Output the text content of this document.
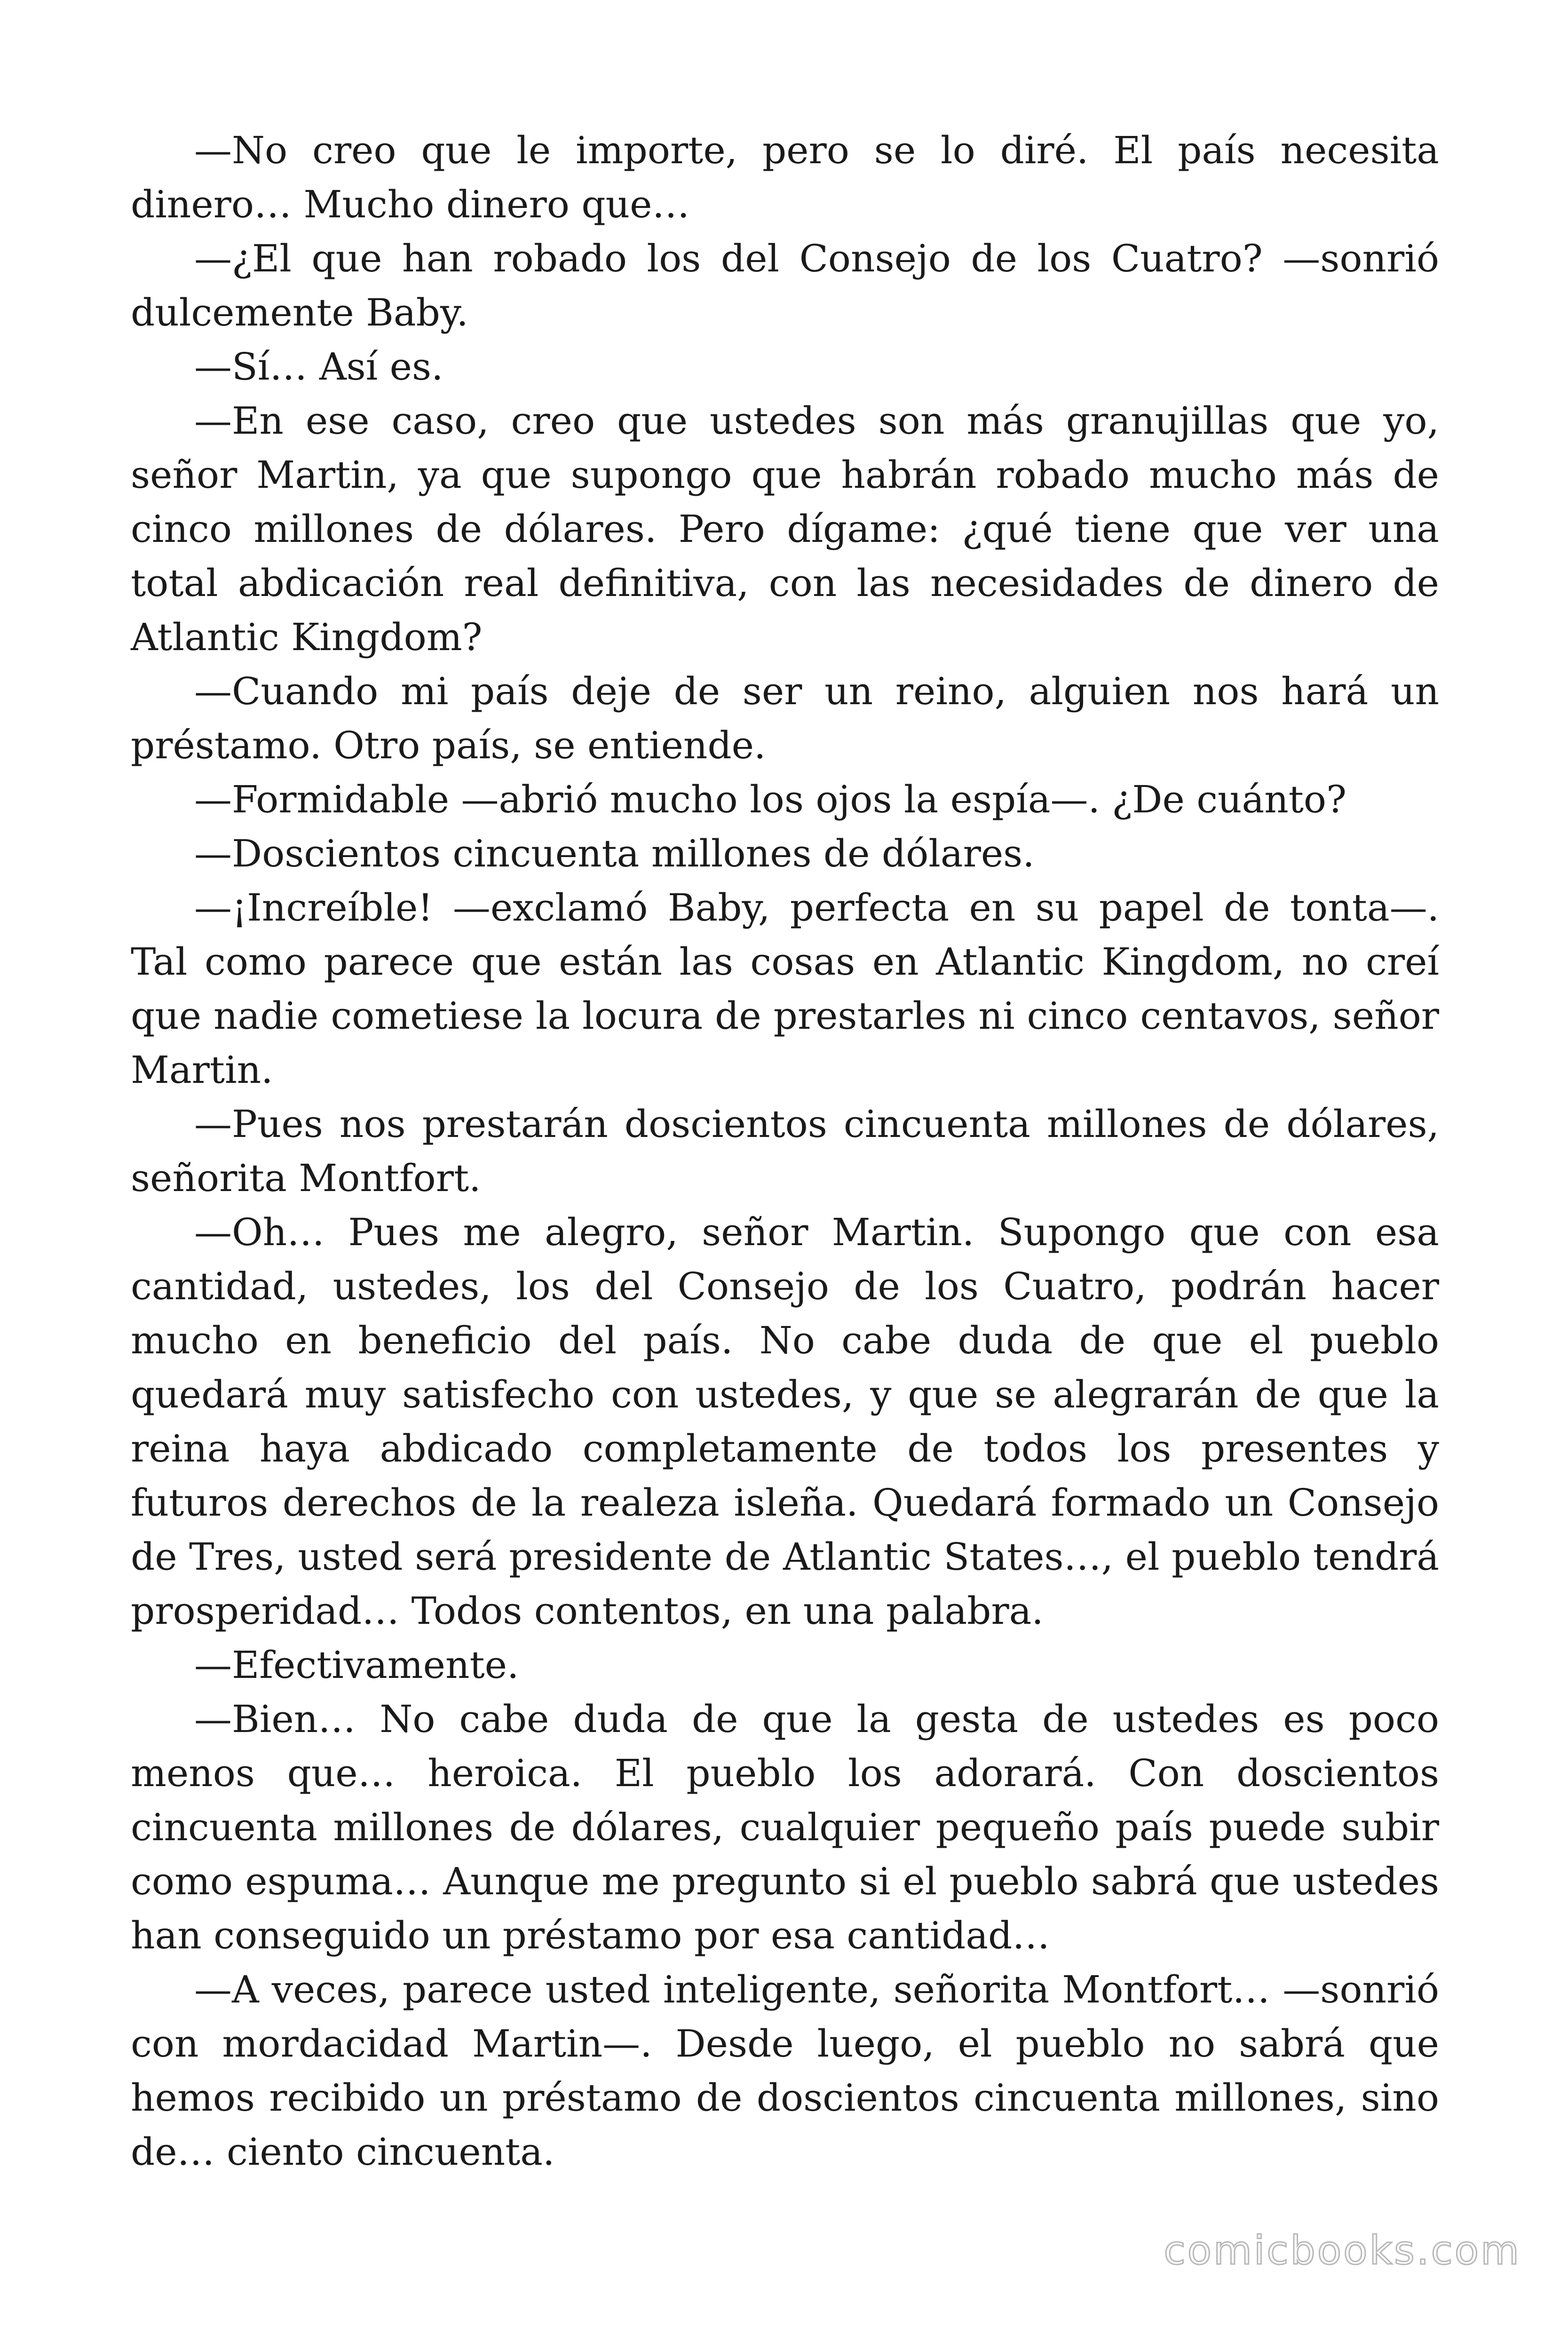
—No creo que le importe, pero se lo diré. El país necesita dinero… Mucho dinero que…

—¿El que han robado los del Consejo de los Cuatro? —sonrió dulcemente Baby.

—Sí… Así es.

—En ese caso, creo que ustedes son más granujillas que yo, señor Martin, ya que supongo que habrán robado mucho más de cinco millones de dólares. Pero dígame: ¿qué tiene que ver una total abdicación real definitiva, con las necesidades de dinero de Atlantic Kingdom?

—Cuando mi país deje de ser un reino, alguien nos hará un préstamo. Otro país, se entiende.

—Formidable —abrió mucho los ojos la espía—. ¿De cuánto?

—Doscientos cincuenta millones de dólares.

—¡Increíble! —exclamó Baby, perfecta en su papel de tonta—. Tal como parece que están las cosas en Atlantic Kingdom, no creí que nadie cometiese la locura de prestarles ni cinco centavos, señor Martin.

—Pues nos prestarán doscientos cincuenta millones de dólares, señorita Montfort.

—Oh… Pues me alegro, señor Martin. Supongo que con esa cantidad, ustedes, los del Consejo de los Cuatro, podrán hacer mucho en beneficio del país. No cabe duda de que el pueblo quedará muy satisfecho con ustedes, y que se alegrarán de que la reina haya abdicado completamente de todos los presentes y futuros derechos de la realeza isleña. Quedará formado un Consejo de Tres, usted será presidente de Atlantic States…, el pueblo tendrá prosperidad… Todos contentos, en una palabra.

—Efectivamente.

—Bien… No cabe duda de que la gesta de ustedes es poco menos que… heroica. El pueblo los adorará. Con doscientos cincuenta millones de dólares, cualquier pequeño país puede subir como espuma… Aunque me pregunto si el pueblo sabrá que ustedes han conseguido un préstamo por esa cantidad…

—A veces, parece usted inteligente, señorita Montfort… —sonrió con mordacidad Martin—. Desde luego, el pueblo no sabrá que hemos recibido un préstamo de doscientos cincuenta millones, sino de… ciento cincuenta.

comicbooks.com
